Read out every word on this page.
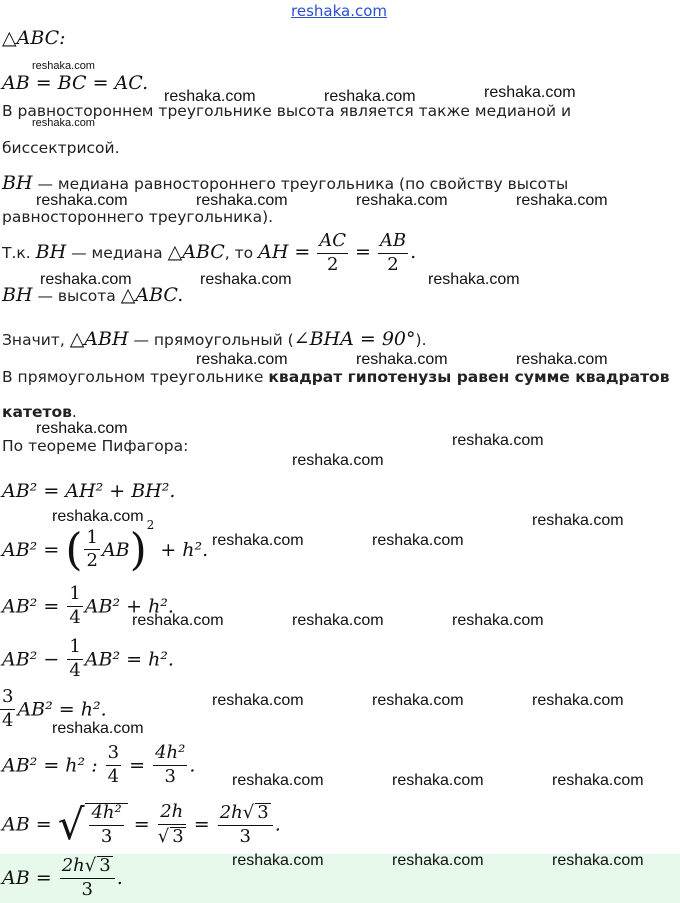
reshaka.com
reshaka.com
reshaka.com	reshaka.com	reshaka.com
reshaka.com
reshaka.com	reshaka.com	reshaka.com	reshaka.com
reshaka.com	reshaka.com	reshaka.com
reshaka.com	reshaka.com	reshaka.com
reshaka.com
reshaka.com
reshaka.com
reshaka.com	reshaka.com
reshaka.com	reshaka.com
reshaka.com	reshaka.com	reshaka.com
reshaka.com	reshaka.com	reshaka.com
reshaka.com
reshaka.com	reshaka.com	reshaka.com
reshaka.com	reshaka.com	reshaka.com
△ABC:
AB = BC = AC.
В равностороннем треугольнике высота является также медианой и
биссектрисой.
BH — медиана равностороннего треугольника (по свойству высоты
равностороннего треугольника).
Т.к. BH — медиана △ABC, то AH = $\frac{AC}{2} = \frac{AB}{2}$ .
BH — высота △ABC.
Значит, △ABH — прямоугольный (∠BHA = 90°).
В прямоугольном треугольнике квадрат гипотенузы равен сумме квадратов
катетов.
По теореме Пифагора:
AB² = AH² + BH².
AB² = ( $\frac{1}{2} AB)^2 + h^2$.
$AB^2 = \frac{1}{4} AB^2 + h^2$.
$AB^2 - \frac{1}{4} AB^2 = h^2$.
$\frac{3}{4} AB^2 = h^2$.
AB² = h² : $\frac{3}{4} = \frac{\text{4h²}}{3}$ .
AB = √ $\frac{\text{4h²}}{3} = \frac{2h}{√ 3} = \frac{2h√ 3}{3}$ .
AB = $\frac{2h√ 3}{3}$ .
